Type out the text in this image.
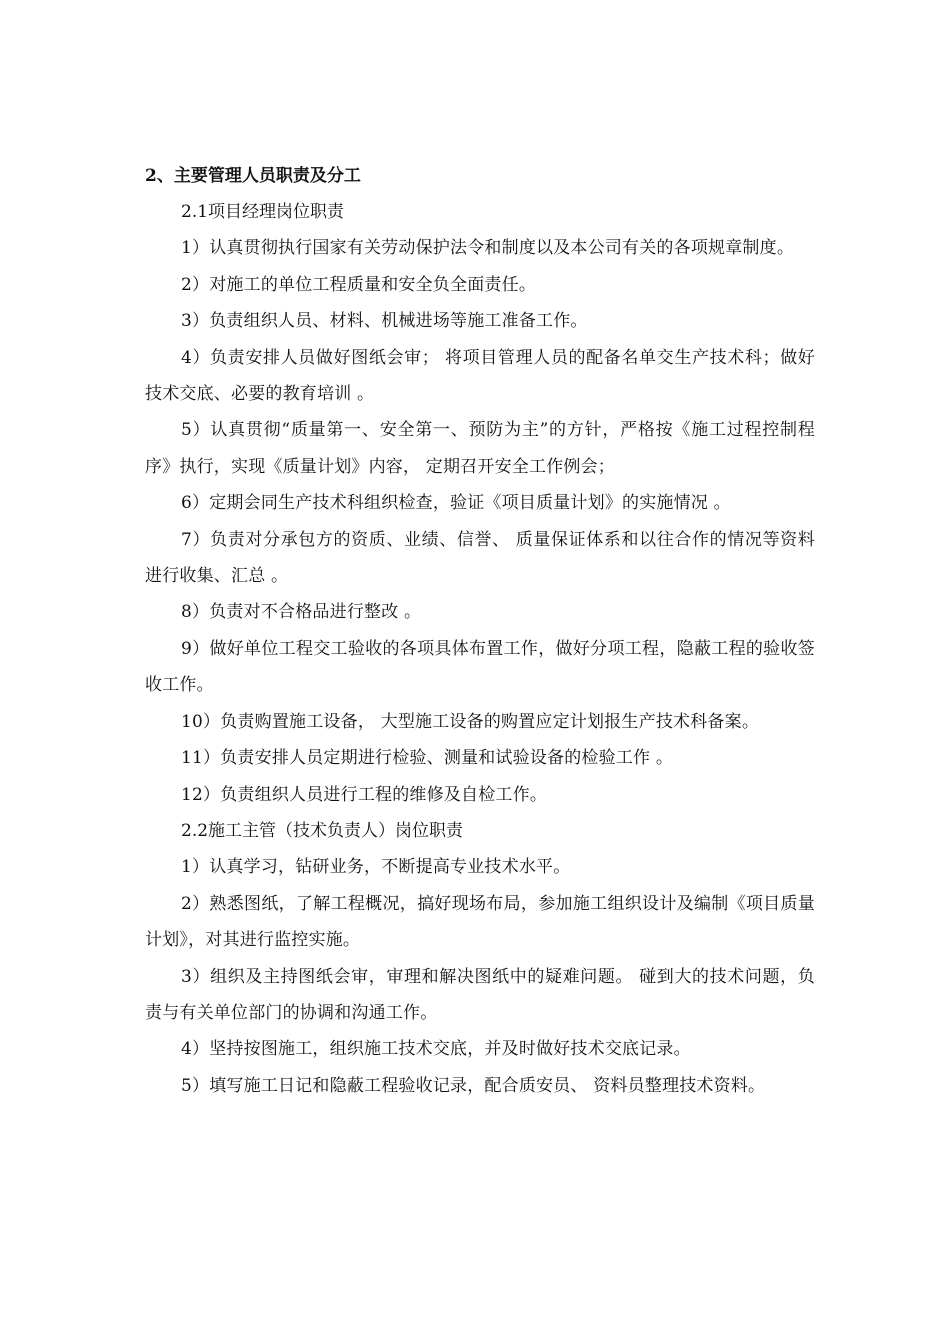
2、主要管理人员职责及分工

2.1项目经理岗位职责

1）认真贯彻执行国家有关劳动保护法令和制度以及本公司有关的各项规章制度。

2）对施工的单位工程质量和安全负全面责任。

3）负责组织人员、材料、机械进场等施工准备工作。

4）负责安排人员做好图纸会审； 将项目管理人员的配备名单交生产技术科；做好技术交底、必要的教育培训 。

5）认真贯彻“质量第一、安全第一、预防为主”的方针，严格按《施工过程控制程序》执行，实现《质量计划》内容， 定期召开安全工作例会；

6）定期会同生产技术科组织检查，验证《项目质量计划》的实施情况 。

7）负责对分承包方的资质、业绩、信誉、 质量保证体系和以往合作的情况等资料进行收集、汇总 。

8）负责对不合格品进行整改 。

9）做好单位工程交工验收的各项具体布置工作，做好分项工程，隐蔽工程的验收签收工作。

10）负责购置施工设备， 大型施工设备的购置应定计划报生产技术科备案。

11）负责安排人员定期进行检验、测量和试验设备的检验工作 。

12）负责组织人员进行工程的维修及自检工作。

2.2施工主管（技术负责人）岗位职责

1）认真学习，钻研业务，不断提高专业技术水平。

2）熟悉图纸，了解工程概况，搞好现场布局，参加施工组织设计及编制《项目质量计划》，对其进行监控实施。

3）组织及主持图纸会审，审理和解决图纸中的疑难问题。 碰到大的技术问题，负责与有关单位部门的协调和沟通工作。

4）坚持按图施工，组织施工技术交底，并及时做好技术交底记录。

5）填写施工日记和隐蔽工程验收记录，配合质安员、 资料员整理技术资料。
